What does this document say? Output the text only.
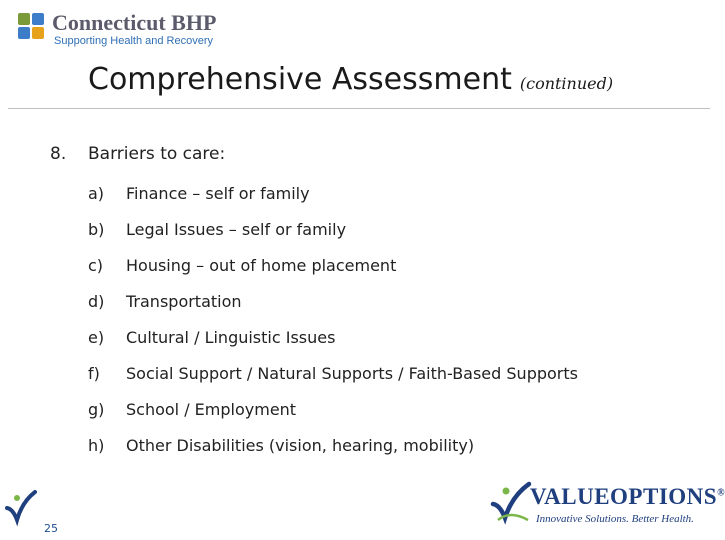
Connecticut BHP
Supporting Health and Recovery
Comprehensive Assessment (continued)
8. Barriers to care:
a) Finance – self or family
b) Legal Issues – self or family
c) Housing – out of home placement
d) Transportation
e) Cultural / Linguistic Issues
f) Social Support / Natural Supports / Faith-Based Supports
g) School / Employment
h) Other Disabilities (vision, hearing, mobility)
25
VALUEOPTIONS®
Innovative Solutions. Better Health.
